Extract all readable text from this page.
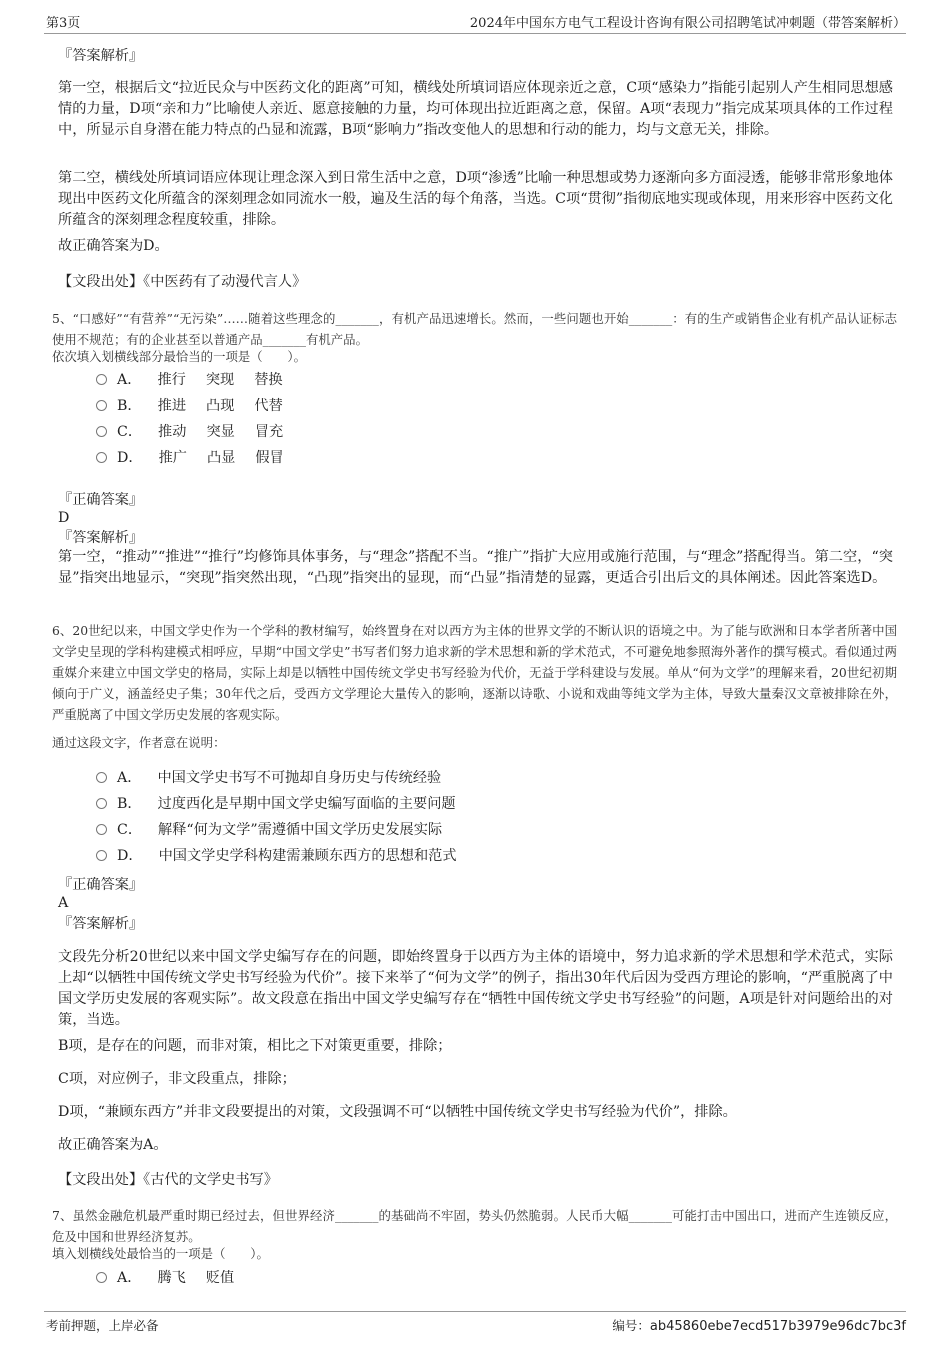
第3页	2024年中国东方电气工程设计咨询有限公司招聘笔试冲刺题（带答案解析）
『答案解析』
第一空，根据后文“拉近民众与中医药文化的距离”可知，横线处所填词语应体现亲近之意，C项“感染力”指能引起别人产生相同思想感情的力量，D项“亲和力”比喻使人亲近、愿意接触的力量，均可体现出拉近距离之意，保留。A项“表现力”指完成某项具体的工作过程中，所显示自身潜在能力特点的凸显和流露，B项“影响力”指改变他人的思想和行动的能力，均与文意无关，排除。
第二空，横线处所填词语应体现让理念深入到日常生活中之意，D项“渗透”比喻一种思想或势力逐渐向多方面浸透，能够非常形象地体现出中医药文化所蕴含的深刻理念如同流水一般，遍及生活的每个角落，当选。C项“贯彻”指彻底地实现或体现，用来形容中医药文化所蕴含的深刻理念程度较重，排除。
故正确答案为D。
【文段出处】《中医药有了动漫代言人》
5、“口感好”“有营养”“无污染”……随着这些理念的_______，有机产品迅速增长。然而，一些问题也开始_______：有的生产或销售企业有机产品认证标志使用不规范；有的企业甚至以普通产品_______有机产品。
依次填入划横线部分最恰当的一项是（　　）。
A． 推行 突现 替换
B． 推进 凸现 代替
C． 推动 突显 冒充
D． 推广 凸显 假冒
『正确答案』
D
『答案解析』
第一空，“推动”“推进”“推行”均修饰具体事务，与“理念”搭配不当。“推广”指扩大应用或施行范围，与“理念”搭配得当。第二空，“突显”指突出地显示，“突现”指突然出现，“凸现”指突出的显现，而“凸显”指清楚的显露，更适合引出后文的具体阐述。因此答案选D。
6、20世纪以来，中国文学史作为一个学科的教材编写，始终置身在对以西方为主体的世界文学的不断认识的语境之中。为了能与欧洲和日本学者所著中国文学史呈现的学科构建模式相呼应，早期“中国文学史”书写者们努力追求新的学术思想和新的学术范式，不可避免地参照海外著作的撰写模式。看似通过两重媒介来建立中国文学史的格局，实际上却是以牺牲中国传统文学史书写经验为代价，无益于学科建设与发展。单从“何为文学”的理解来看，20世纪初期倾向于广义，涵盖经史子集；30年代之后，受西方文学理论大量传入的影响，逐渐以诗歌、小说和戏曲等纯文学为主体，导致大量秦汉文章被排除在外，严重脱离了中国文学历史发展的客观实际。
通过这段文字，作者意在说明：
A． 中国文学史书写不可抛却自身历史与传统经验
B． 过度西化是早期中国文学史编写面临的主要问题
C． 解释“何为文学”需遵循中国文学历史发展实际
D． 中国文学史学科构建需兼顾东西方的思想和范式
『正确答案』
A
『答案解析』
文段先分析20世纪以来中国文学史编写存在的问题，即始终置身于以西方为主体的语境中，努力追求新的学术思想和学术范式，实际上却“以牺牲中国传统文学史书写经验为代价”。接下来举了“何为文学”的例子，指出30年代后因为受西方理论的影响，“严重脱离了中国文学历史发展的客观实际”。故文段意在指出中国文学史编写存在“牺牲中国传统文学史书写经验”的问题，A项是针对问题给出的对策，当选。
B项，是存在的问题，而非对策，相比之下对策更重要，排除；
C项，对应例子，非文段重点，排除；
D项，“兼顾东西方”并非文段要提出的对策，文段强调不可“以牺牲中国传统文学史书写经验为代价”，排除。
故正确答案为A。
【文段出处】《古代的文学史书写》
7、虽然金融危机最严重时期已经过去，但世界经济_______的基础尚不牢固，势头仍然脆弱。人民币大幅_______可能打击中国出口，进而产生连锁反应，危及中国和世界经济复苏。
填入划横线处最恰当的一项是（　　）。
A． 腾飞 贬值
考前押题，上岸必备	编号：ab45860ebe7ecd517b3979e96dc7bc3f
